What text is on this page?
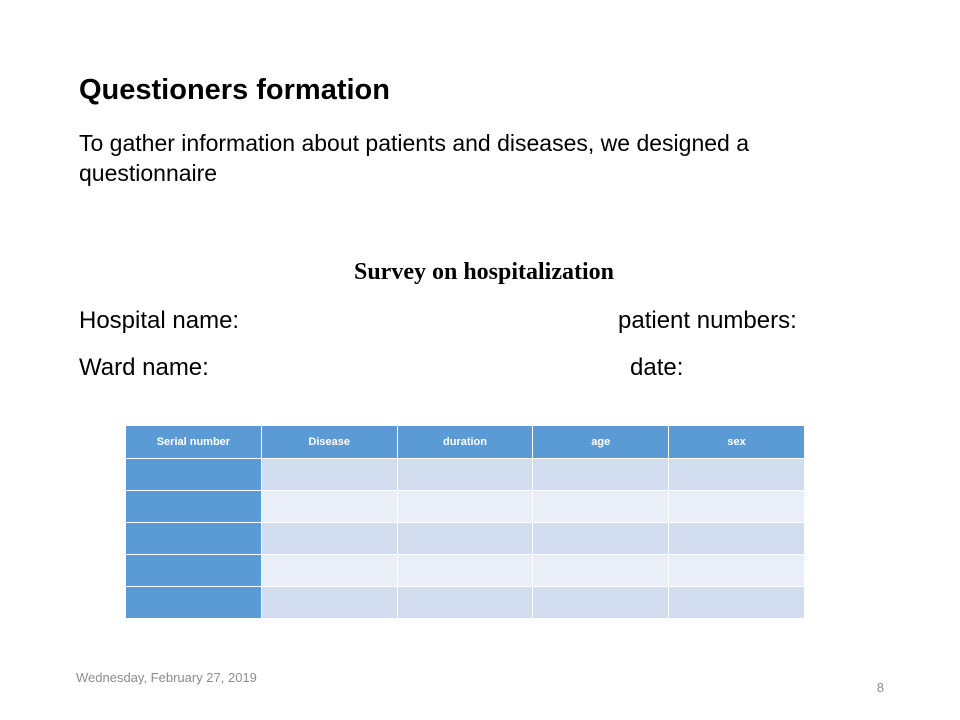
Questioners formation
To gather information about patients and diseases, we designed a questionnaire
Survey on hospitalization
Hospital name:	patient numbers:
Ward name:	date:
Serial number	Disease	duration	age	sex

Wednesday, February 27, 2019
8
